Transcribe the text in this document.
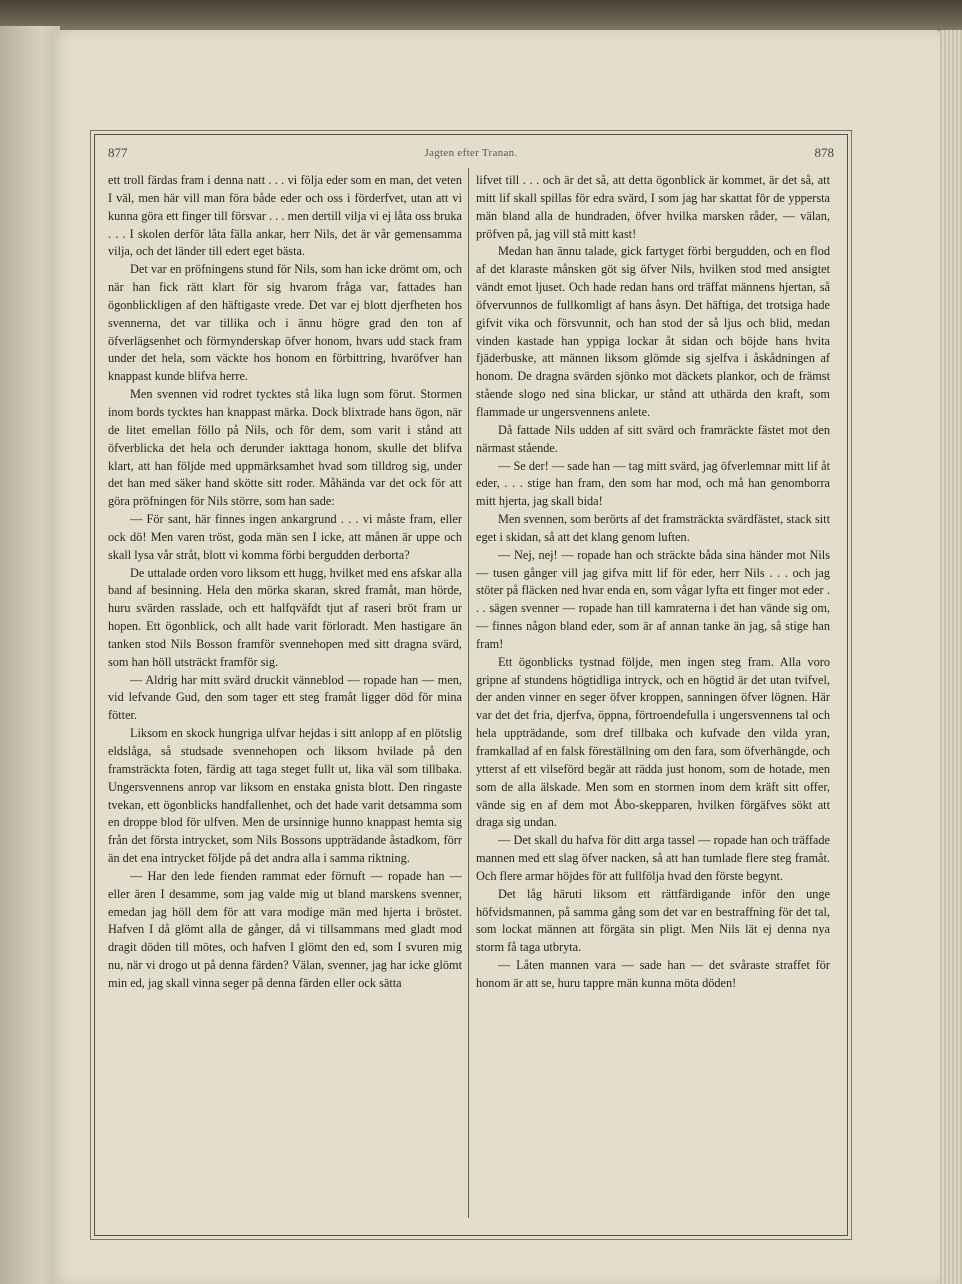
877	Jagten efter Tranan.	878

ett troll färdas fram i denna natt . . . vi följa eder som en man, det veten I väl, men här vill man föra både eder och oss i förderfvet, utan att vi kunna göra ett finger till försvar . . . men dertill vilja vi ej låta oss bruka . . . I skolen derför låta fälla ankar, herr Nils, det är vår gemensamma vilja, och det länder till edert eget bästa.

Det var en pröfningens stund för Nils, som han icke drömt om, och när han fick rätt klart för sig hvarom fråga var, fattades han ögonblickligen af den häftigaste vrede. Det var ej blott djerfheten hos svennerna, det var tillika och i ännu högre grad den ton af öfverlägsenhet och förmynderskap öfver honom, hvars udd stack fram under det hela, som väckte hos honom en förbittring, hvaröfver han knappast kunde blifva herre.

Men svennen vid rodret tycktes stå lika lugn som förut. Stormen inom bords tycktes han knappast märka. Dock blixtrade hans ögon, när de litet emellan föllo på Nils, och för dem, som varit i stånd att öfverblicka det hela och derunder iakttaga honom, skulle det blifva klart, att han följde med uppmärksamhet hvad som tilldrog sig, under det han med säker hand skötte sitt roder. Måhända var det ock för att göra pröfningen för Nils större, som han sade:

— För sant, här finnes ingen ankargrund . . . vi måste fram, eller ock dö! Men varen tröst, goda män sen I icke, att månen är uppe och skall lysa vår stråt, blott vi komma förbi bergudden derborta?

De uttalade orden voro liksom ett hugg, hvilket med ens afskar alla band af besinning. Hela den mörka skaran, skred framåt, man hörde, huru svärden rasslade, och ett halfqväfdt tjut af raseri bröt fram ur hopen. Ett ögonblick, och allt hade varit förloradt. Men hastigare än tanken stod Nils Bosson framför svennehopen med sitt dragna svärd, som han höll utsträckt framför sig.

— Aldrig har mitt svärd druckit vänneblod — ropade han — men, vid lefvande Gud, den som tager ett steg framåt ligger död för mina fötter.

Liksom en skock hungriga ulfvar hejdas i sitt anlopp af en plötslig eldslåga, så studsade svennehopen och liksom hvilade på den framsträckta foten, färdig att taga steget fullt ut, lika väl som tillbaka. Ungersvennens anrop var liksom en enstaka gnista blott. Den ringaste tvekan, ett ögonblicks handfallenhet, och det hade varit detsamma som en droppe blod för ulfven. Men de ursinnige hunno knappast hemta sig från det första intrycket, som Nils Bossons uppträdande åstadkom, förr än det ena intrycket följde på det andra alla i samma riktning.

— Har den lede fienden rammat eder förnuft — ropade han — eller ären I desamme, som jag valde mig ut bland marskens svenner, emedan jag höll dem för att vara modige män med hjerta i bröstet. Hafven I då glömt alla de gånger, då vi tillsammans med gladt mod dragit döden till mötes, och hafven I glömt den ed, som I svuren mig nu, när vi drogo ut på denna färden? Välan, svenner, jag har icke glömt min ed, jag skall vinna seger på denna färden eller ock sätta

lifvet till . . . och är det så, att detta ögonblick är kommet, är det så, att mitt lif skall spillas för edra svärd, I som jag har skattat för de yppersta män bland alla de hundraden, öfver hvilka marsken råder, — välan, pröfven på, jag vill stå mitt kast!

Medan han ännu talade, gick fartyget förbi bergudden, och en flod af det klaraste månsken göt sig öfver Nils, hvilken stod med ansigtet vändt emot ljuset. Och hade redan hans ord träffat männens hjertan, så öfvervunnos de fullkomligt af hans åsyn. Det häftiga, det trotsiga hade gifvit vika och försvunnit, och han stod der så ljus och blid, medan vinden kastade han yppiga lockar åt sidan och böjde hans hvita fjäderbuske, att männen liksom glömde sig sjelfva i åskådningen af honom. De dragna svärden sjönko mot däckets plankor, och de främst stående slogo ned sina blickar, ur stånd att uthärda den kraft, som flammade ur ungersvennens anlete.

Då fattade Nils udden af sitt svärd och framräckte fästet mot den närmast stående.

— Se der! — sade han — tag mitt svärd, jag öfverlemnar mitt lif åt eder, . . . stige han fram, den som har mod, och må han genomborra mitt hjerta, jag skall bida!

Men svennen, som berörts af det framsträckta svärdfästet, stack sitt eget i skidan, så att det klang genom luften.

— Nej, nej! — ropade han och sträckte båda sina händer mot Nils — tusen gånger vill jag gifva mitt lif för eder, herr Nils . . . och jag stöter på fläcken ned hvar enda en, som vågar lyfta ett finger mot eder . . . sägen svenner — ropade han till kamraterna i det han vände sig om, — finnes någon bland eder, som är af annan tanke än jag, så stige han fram!

Ett ögonblicks tystnad följde, men ingen steg fram. Alla voro gripne af stundens högtidliga intryck, och en högtid är det utan tvifvel, der anden vinner en seger öfver kroppen, sanningen öfver lögnen. Här var det det fria, djerfva, öppna, förtroendefulla i ungersvennens tal och hela uppträdande, som dref tillbaka och kufvade den vilda yran, framkallad af en falsk föreställning om den fara, som öfverhängde, och ytterst af ett vilseförd begär att rädda just honom, som de hotade, men som de alla älskade. Men som en stormen inom dem kräft sitt offer, vände sig en af dem mot Åbo-skepparen, hvilken förgäfves sökt att draga sig undan.

— Det skall du hafva för ditt arga tassel — ropade han och träffade mannen med ett slag öfver nacken, så att han tumlade flere steg framåt. Och flere armar höjdes för att fullfölja hvad den förste begynt.

Det låg häruti liksom ett rättfärdigande inför den unge höfvidsmannen, på samma gång som det var en bestraffning för det tal, som lockat männen att förgäta sin pligt. Men Nils lät ej denna nya storm få taga utbryta.

— Låten mannen vara — sade han — det svåraste straffet för honom är att se, huru tappre män kunna möta döden!
